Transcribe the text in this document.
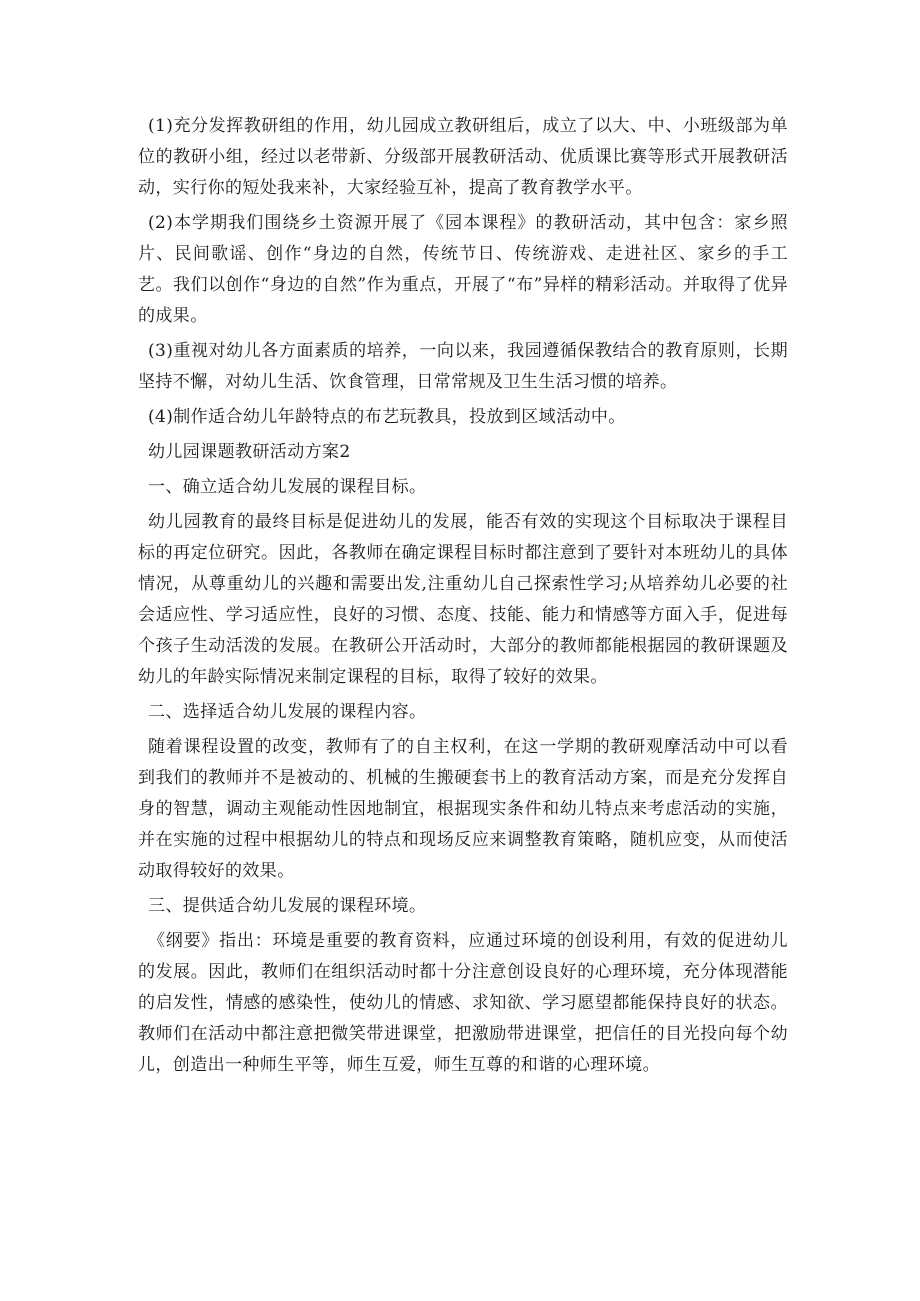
(1)充分发挥教研组的作用，幼儿园成立教研组后，成立了以大、中、小班级部为单位的教研小组，经过以老带新、分级部开展教研活动、优质课比赛等形式开展教研活动，实行你的短处我来补，大家经验互补，提高了教育教学水平。

(2)本学期我们围绕乡土资源开展了《园本课程》的教研活动，其中包含：家乡照片、民间歌谣、创作“身边的自然，传统节日、传统游戏、走进社区、家乡的手工艺。我们以创作“身边的自然”作为重点，开展了“布”异样的精彩活动。并取得了优异的成果。

(3)重视对幼儿各方面素质的培养，一向以来，我园遵循保教结合的教育原则，长期坚持不懈，对幼儿生活、饮食管理，日常常规及卫生生活习惯的培养。

(4)制作适合幼儿年龄特点的布艺玩教具，投放到区域活动中。

幼儿园课题教研活动方案2

一、确立适合幼儿发展的课程目标。

幼儿园教育的最终目标是促进幼儿的发展，能否有效的实现这个目标取决于课程目标的再定位研究。因此，各教师在确定课程目标时都注意到了要针对本班幼儿的具体情况，从尊重幼儿的兴趣和需要出发,注重幼儿自己探索性学习;从培养幼儿必要的社会适应性、学习适应性，良好的习惯、态度、技能、能力和情感等方面入手，促进每个孩子生动活泼的发展。在教研公开活动时，大部分的教师都能根据园的教研课题及幼儿的年龄实际情况来制定课程的目标，取得了较好的效果。

二、选择适合幼儿发展的课程内容。

随着课程设置的改变，教师有了的自主权利，在这一学期的教研观摩活动中可以看到我们的教师并不是被动的、机械的生搬硬套书上的教育活动方案，而是充分发挥自身的智慧，调动主观能动性因地制宜，根据现实条件和幼儿特点来考虑活动的实施，并在实施的过程中根据幼儿的特点和现场反应来调整教育策略，随机应变，从而使活动取得较好的效果。

三、提供适合幼儿发展的课程环境。

《纲要》指出：环境是重要的教育资料，应通过环境的创设利用，有效的促进幼儿的发展。因此，教师们在组织活动时都十分注意创设良好的心理环境，充分体现潜能的启发性，情感的感染性，使幼儿的情感、求知欲、学习愿望都能保持良好的状态。教师们在活动中都注意把微笑带进课堂，把激励带进课堂，把信任的目光投向每个幼儿，创造出一种师生平等，师生互爱，师生互尊的和谐的心理环境。
